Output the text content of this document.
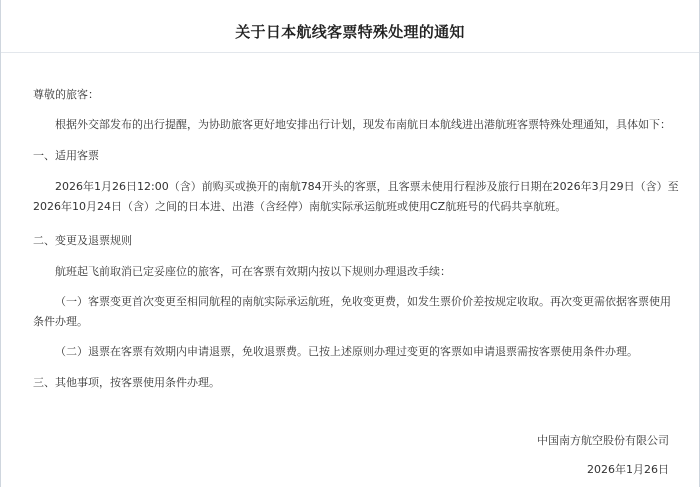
关于日本航线客票特殊处理的通知

尊敬的旅客：

根据外交部发布的出行提醒，为协助旅客更好地安排出行计划，现发布南航日本航线进出港航班客票特殊处理通知，具体如下：

一、适用客票

2026年1月26日12:00（含）前购买或换开的南航784开头的客票，且客票未使用行程涉及旅行日期在2026年3月29日（含）至2026年10月24日（含）之间的日本进、出港（含经停）南航实际承运航班或使用CZ航班号的代码共享航班。

二、变更及退票规则

航班起飞前取消已定妥座位的旅客，可在客票有效期内按以下规则办理退改手续：

（一）客票变更首次变更至相同航程的南航实际承运航班，免收变更费，如发生票价价差按规定收取。再次变更需依据客票使用条件办理。

（二）退票在客票有效期内申请退票，免收退票费。已按上述原则办理过变更的客票如申请退票需按客票使用条件办理。

三、其他事项，按客票使用条件办理。

中国南方航空股份有限公司
2026年1月26日
